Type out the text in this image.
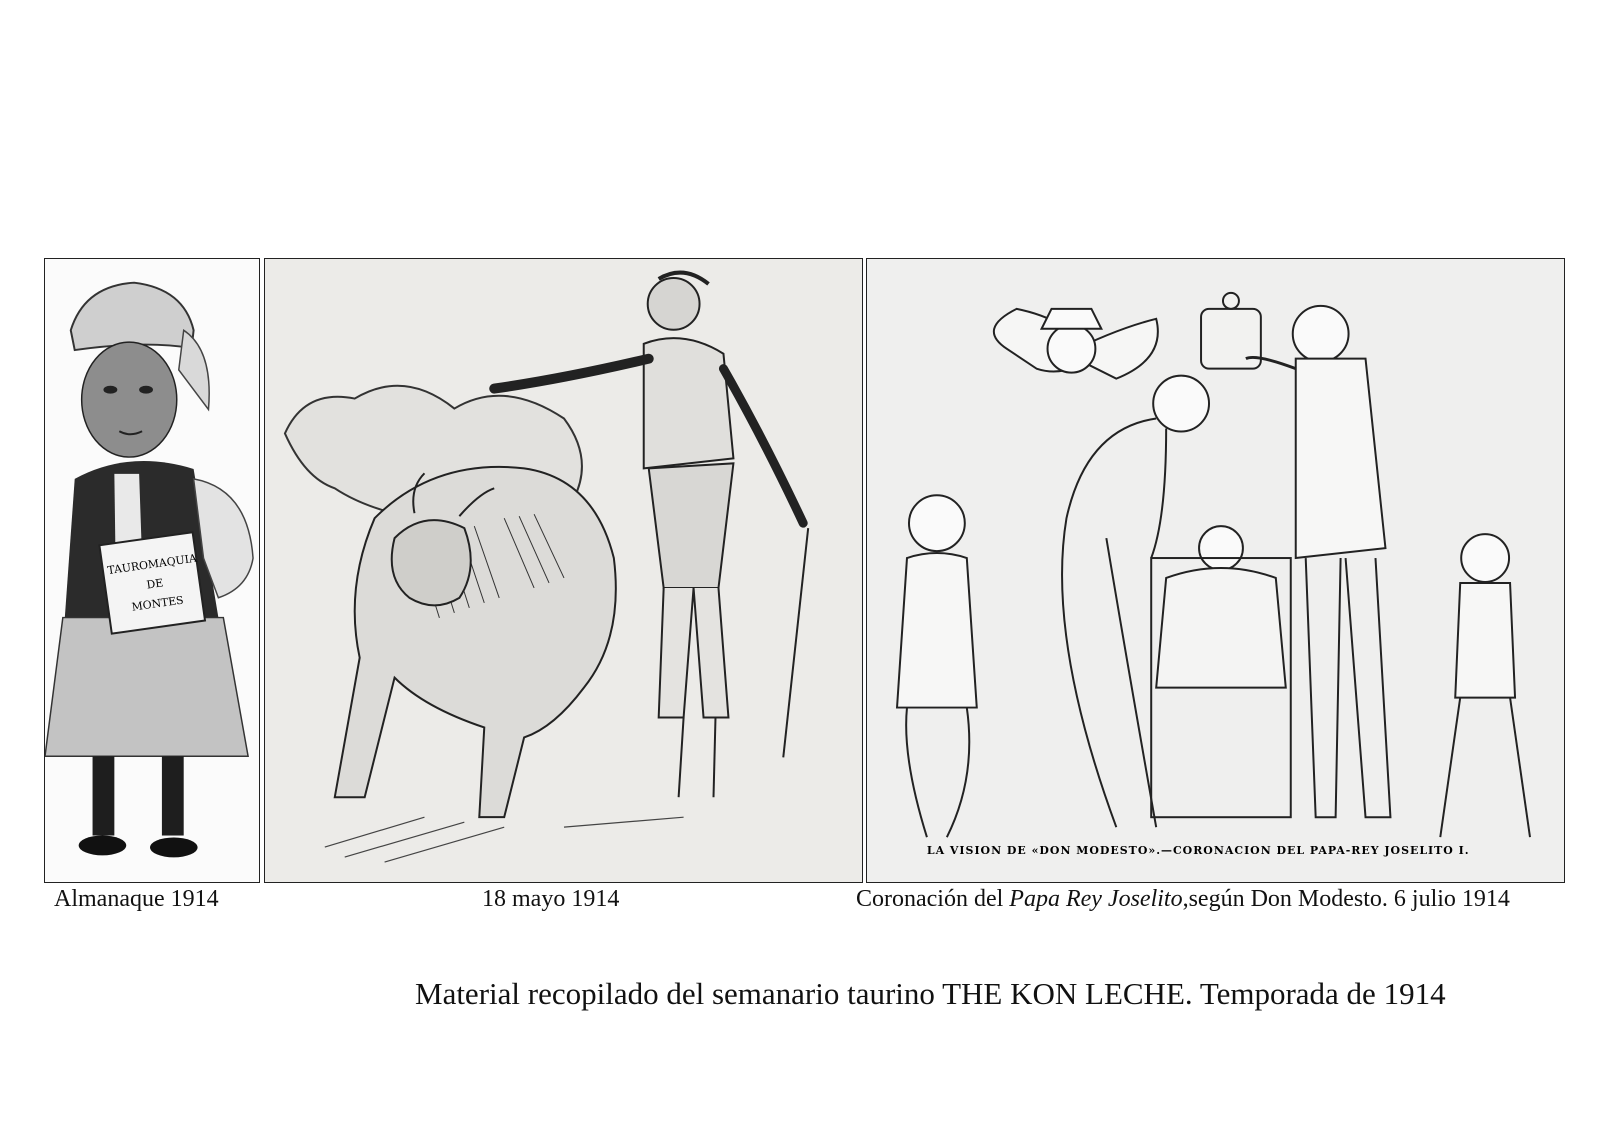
TAUROMAQUIA
DE
MONTES
LA VISION DE «DON MODESTO».—CORONACION DEL PAPA-REY JOSELITO I.
Almanaque 1914	18 mayo 1914	Coronación del Papa Rey Joselito,según Don Modesto. 6 julio 1914
Material recopilado del semanario taurino THE KON LECHE. Temporada de 1914
